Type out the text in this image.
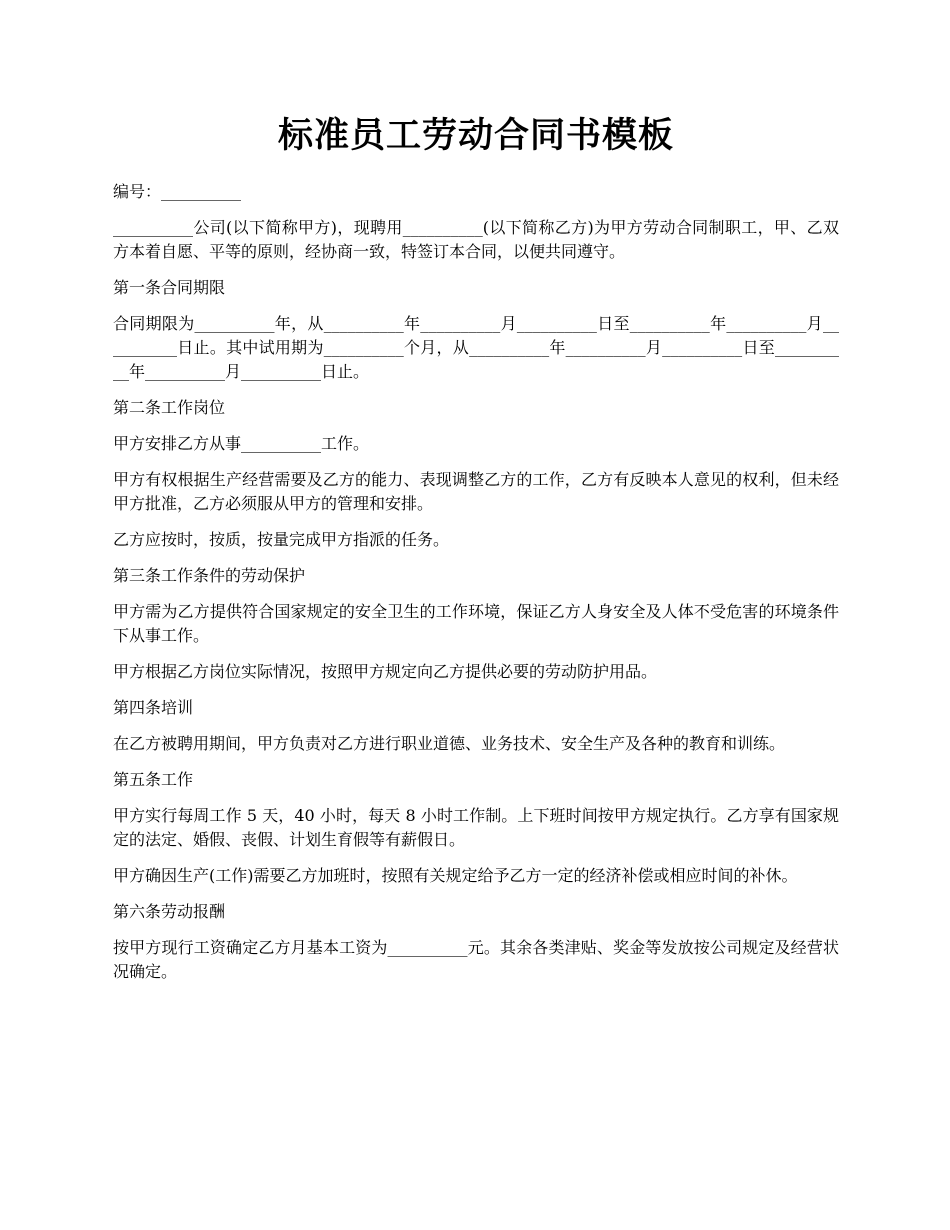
标准员工劳动合同书模板

编号：__________

__________公司(以下简称甲方)，现聘用__________(以下简称乙方)为甲方劳动合同制职工，甲、乙双方本着自愿、平等的原则，经协商一致，特签订本合同，以便共同遵守。

第一条合同期限

合同期限为__________年，从__________年__________月__________日至__________年__________月__________日止。其中试用期为__________个月，从__________年__________月__________日至__________年__________月__________日止。

第二条工作岗位

甲方安排乙方从事__________工作。

甲方有权根据生产经营需要及乙方的能力、表现调整乙方的工作，乙方有反映本人意见的权利，但未经甲方批准，乙方必须服从甲方的管理和安排。

乙方应按时，按质，按量完成甲方指派的任务。

第三条工作条件的劳动保护

甲方需为乙方提供符合国家规定的安全卫生的工作环境，保证乙方人身安全及人体不受危害的环境条件下从事工作。

甲方根据乙方岗位实际情况，按照甲方规定向乙方提供必要的劳动防护用品。

第四条培训

在乙方被聘用期间，甲方负责对乙方进行职业道德、业务技术、安全生产及各种的教育和训练。

第五条工作

甲方实行每周工作 5 天，40 小时，每天 8 小时工作制。上下班时间按甲方规定执行。乙方享有国家规定的法定、婚假、丧假、计划生育假等有薪假日。

甲方确因生产(工作)需要乙方加班时，按照有关规定给予乙方一定的经济补偿或相应时间的补休。

第六条劳动报酬

按甲方现行工资确定乙方月基本工资为__________元。其余各类津贴、奖金等发放按公司规定及经营状况确定。
